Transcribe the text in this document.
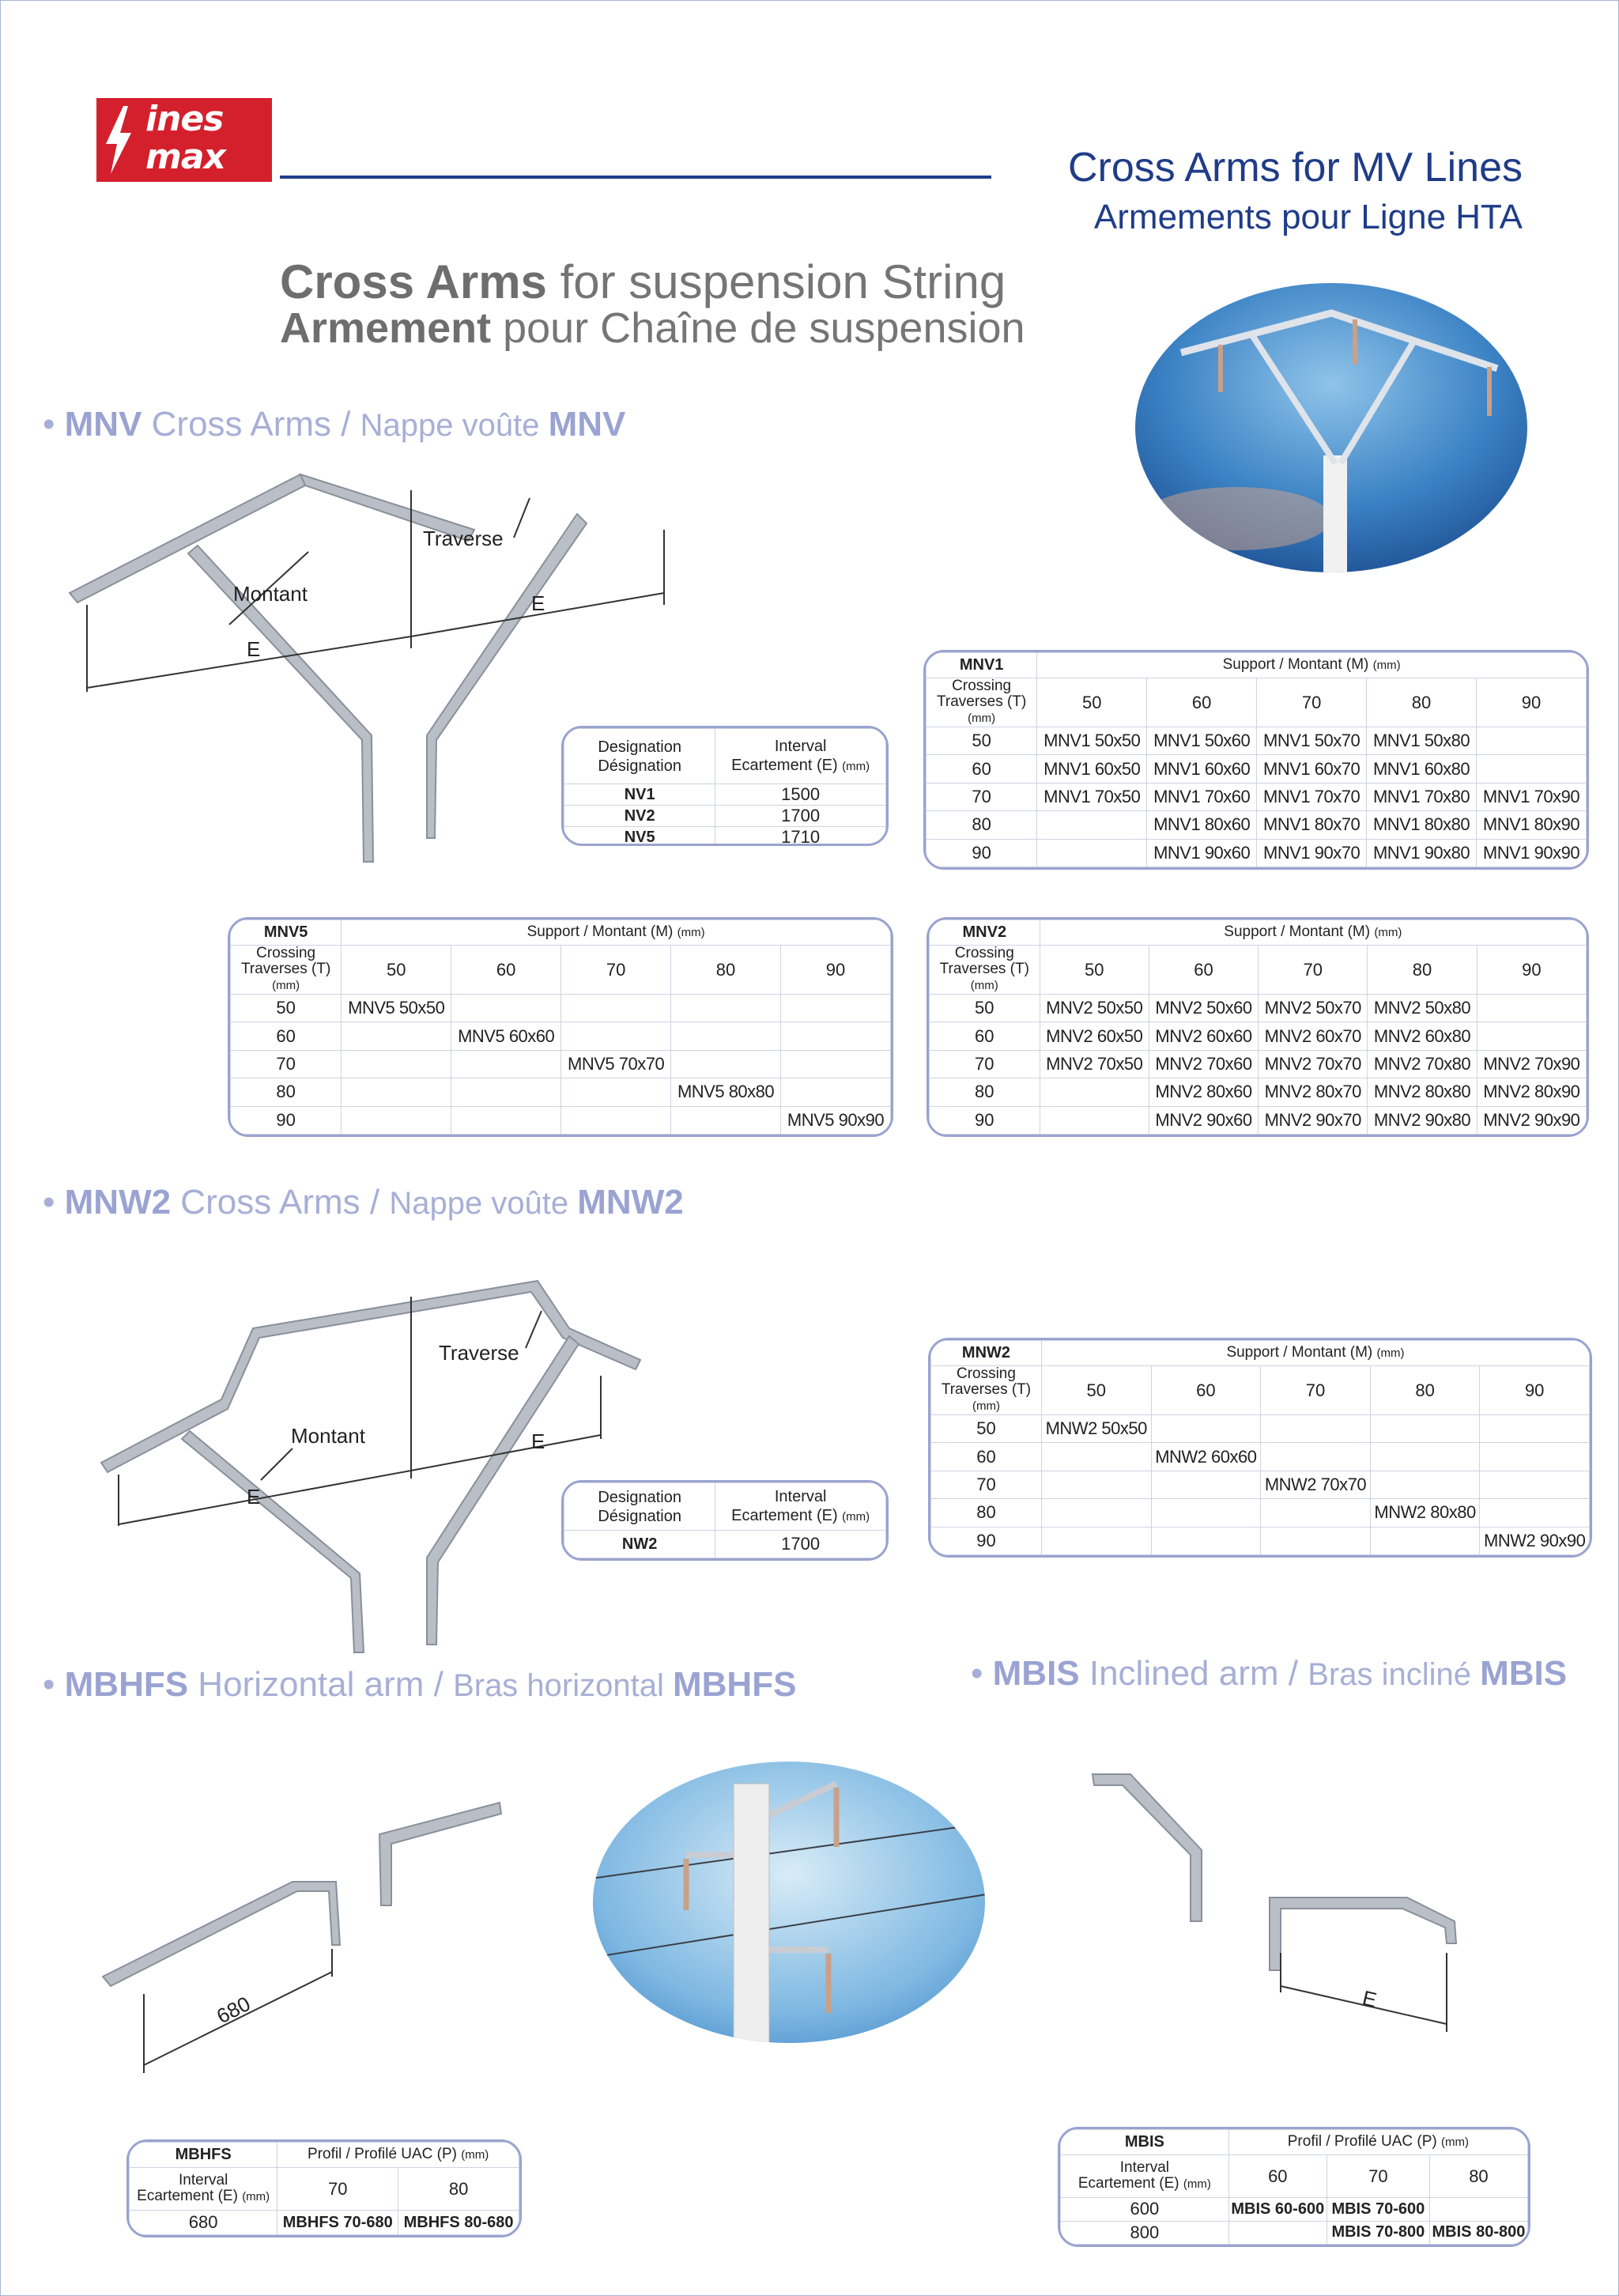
ines
max	Cross Arms for MV Lines
Armements pour Ligne HTA
Cross Arms for suspension String
Armement pour Chaîne de suspension
• MNV Cross Arms / Nappe voûte MNV
Traverse
Montant
E
E
Designation
Désignation	Interval
Ecartement (E) (mm)
NV1	1500
NV2	1700
NV5	1710
MNV1	Support / Montant (M) (mm)				
Crossing
Traverses (T)
(mm)	50	60	70	80	90
50	MNV1 50x50	MNV1 50x60	MNV1 50x70	MNV1 50x80	
60	MNV1 60x50	MNV1 60x60	MNV1 60x70	MNV1 60x80	
70	MNV1 70x50	MNV1 70x60	MNV1 70x70	MNV1 70x80	MNV1 70x90
80		MNV1 80x60	MNV1 80x70	MNV1 80x80	MNV1 80x90
90		MNV1 90x60	MNV1 90x70	MNV1 90x80	MNV1 90x90
MNV5	Support / Montant (M) (mm)				
Crossing
Traverses (T)
(mm)	50	60	70	80	90
50	MNV5 50x50				
60		MNV5 60x60			
70			MNV5 70x70		
80				MNV5 80x80	
90					MNV5 90x90
MNV2	Support / Montant (M) (mm)				
Crossing
Traverses (T)
(mm)	50	60	70	80	90
50	MNV2 50x50	MNV2 50x60	MNV2 50x70	MNV2 50x80	
60	MNV2 60x50	MNV2 60x60	MNV2 60x70	MNV2 60x80	
70	MNV2 70x50	MNV2 70x60	MNV2 70x70	MNV2 70x80	MNV2 70x90
80		MNV2 80x60	MNV2 80x70	MNV2 80x80	MNV2 80x90
90		MNV2 90x60	MNV2 90x70	MNV2 90x80	MNV2 90x90
• MNW2 Cross Arms / Nappe voûte MNW2
Traverse
Montant
E
E
Designation
Désignation	Interval
Ecartement (E) (mm)
NW2	1700
MNW2	Support / Montant (M) (mm)				
Crossing
Traverses (T)
(mm)	50	60	70	80	90
50	MNW2 50x50				
60		MNW2 60x60			
70			MNW2 70x70		
80				MNW2 80x80	
90					MNW2 90x90
• MBHFS Horizontal arm / Bras horizontal MBHFS	• MBIS Inclined arm / Bras incliné MBIS
680	E
MBHFS	Profil / Profilé UAC (P) (mm)	
Interval
Ecartement (E) (mm)	70	80
680	MBHFS 70-680	MBHFS 80-680
MBIS	Profil / Profilé UAC (P) (mm)		
Interval
Ecartement (E) (mm)	60	70	80
600	MBIS 60-600	MBIS 70-600	
800		MBIS 70-800	MBIS 80-800
